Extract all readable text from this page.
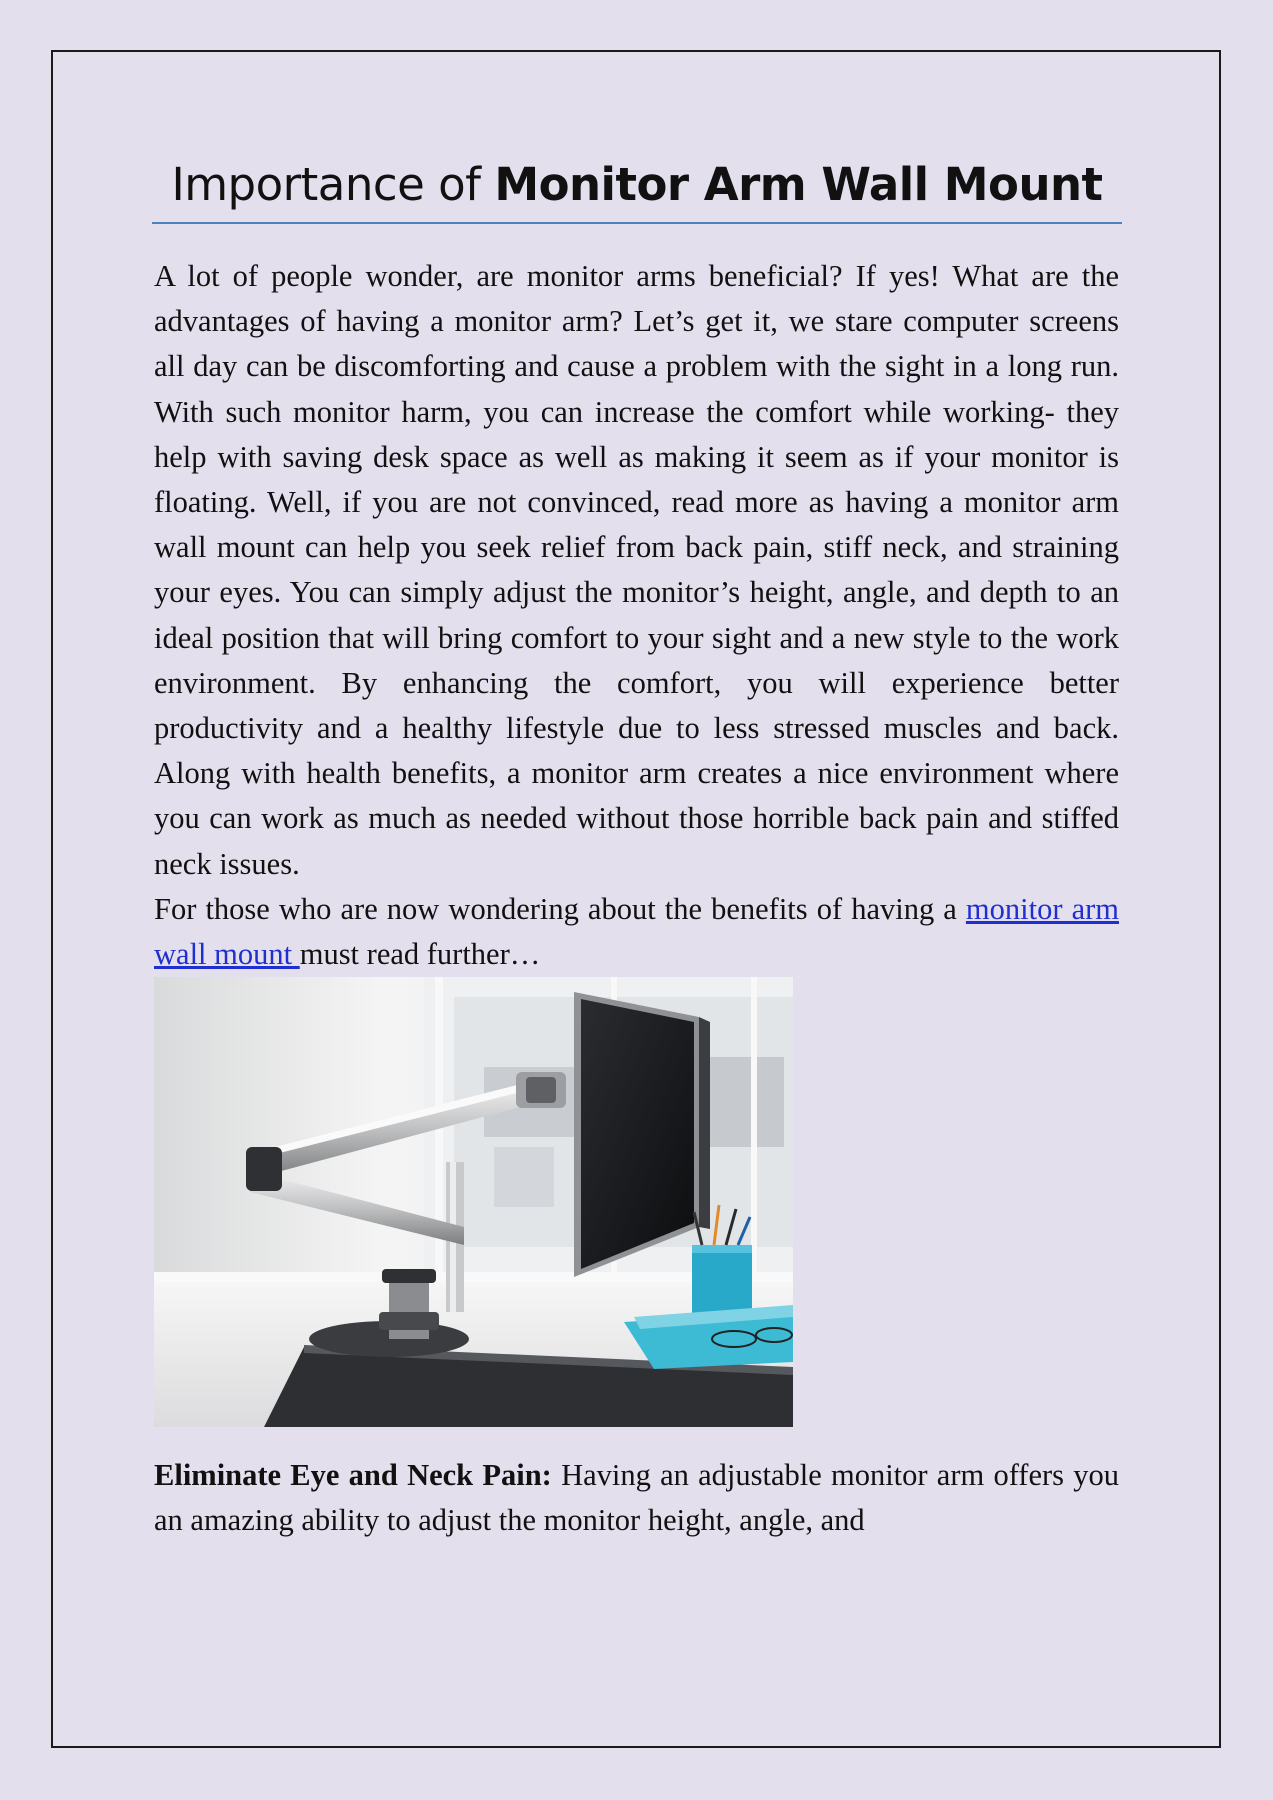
Importance of Monitor Arm Wall Mount

A lot of people wonder, are monitor arms beneficial? If yes! What are the advantages of having a monitor arm? Let’s get it, we stare computer screens all day can be discomforting and cause a problem with the sight in a long run. With such monitor harm, you can increase the comfort while working- they help with saving desk space as well as making it seem as if your monitor is floating. Well, if you are not convinced, read more as having a monitor arm wall mount can help you seek relief from back pain, stiff neck, and straining your eyes. You can simply adjust the monitor’s height, angle, and depth to an ideal position that will bring comfort to your sight and a new style to the work environment. By enhancing the comfort, you will experience better productivity and a healthy lifestyle due to less stressed muscles and back. Along with health benefits, a monitor arm creates a nice environment where you can work as much as needed without those horrible back pain and stiffed neck issues.

For those who are now wondering about the benefits of having a monitor arm wall mount must read further…

Eliminate Eye and Neck Pain: Having an adjustable monitor arm offers you an amazing ability to adjust the monitor height, angle, and
